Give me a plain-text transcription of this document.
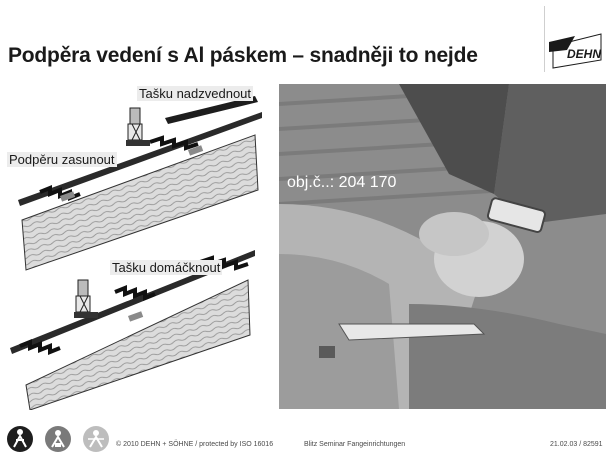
Podpěra vedení s Al páskem – snadněji to nejde	DEHN
Tašku nadzvednout
Podpěru zasunout
Tašku domáčknout
obj.č..: 204 170
© 2010 DEHN + SÖHNE / protected by ISO 16016	Blitz Seminar Fangeinrichtungen	21.02.03 / 82591
